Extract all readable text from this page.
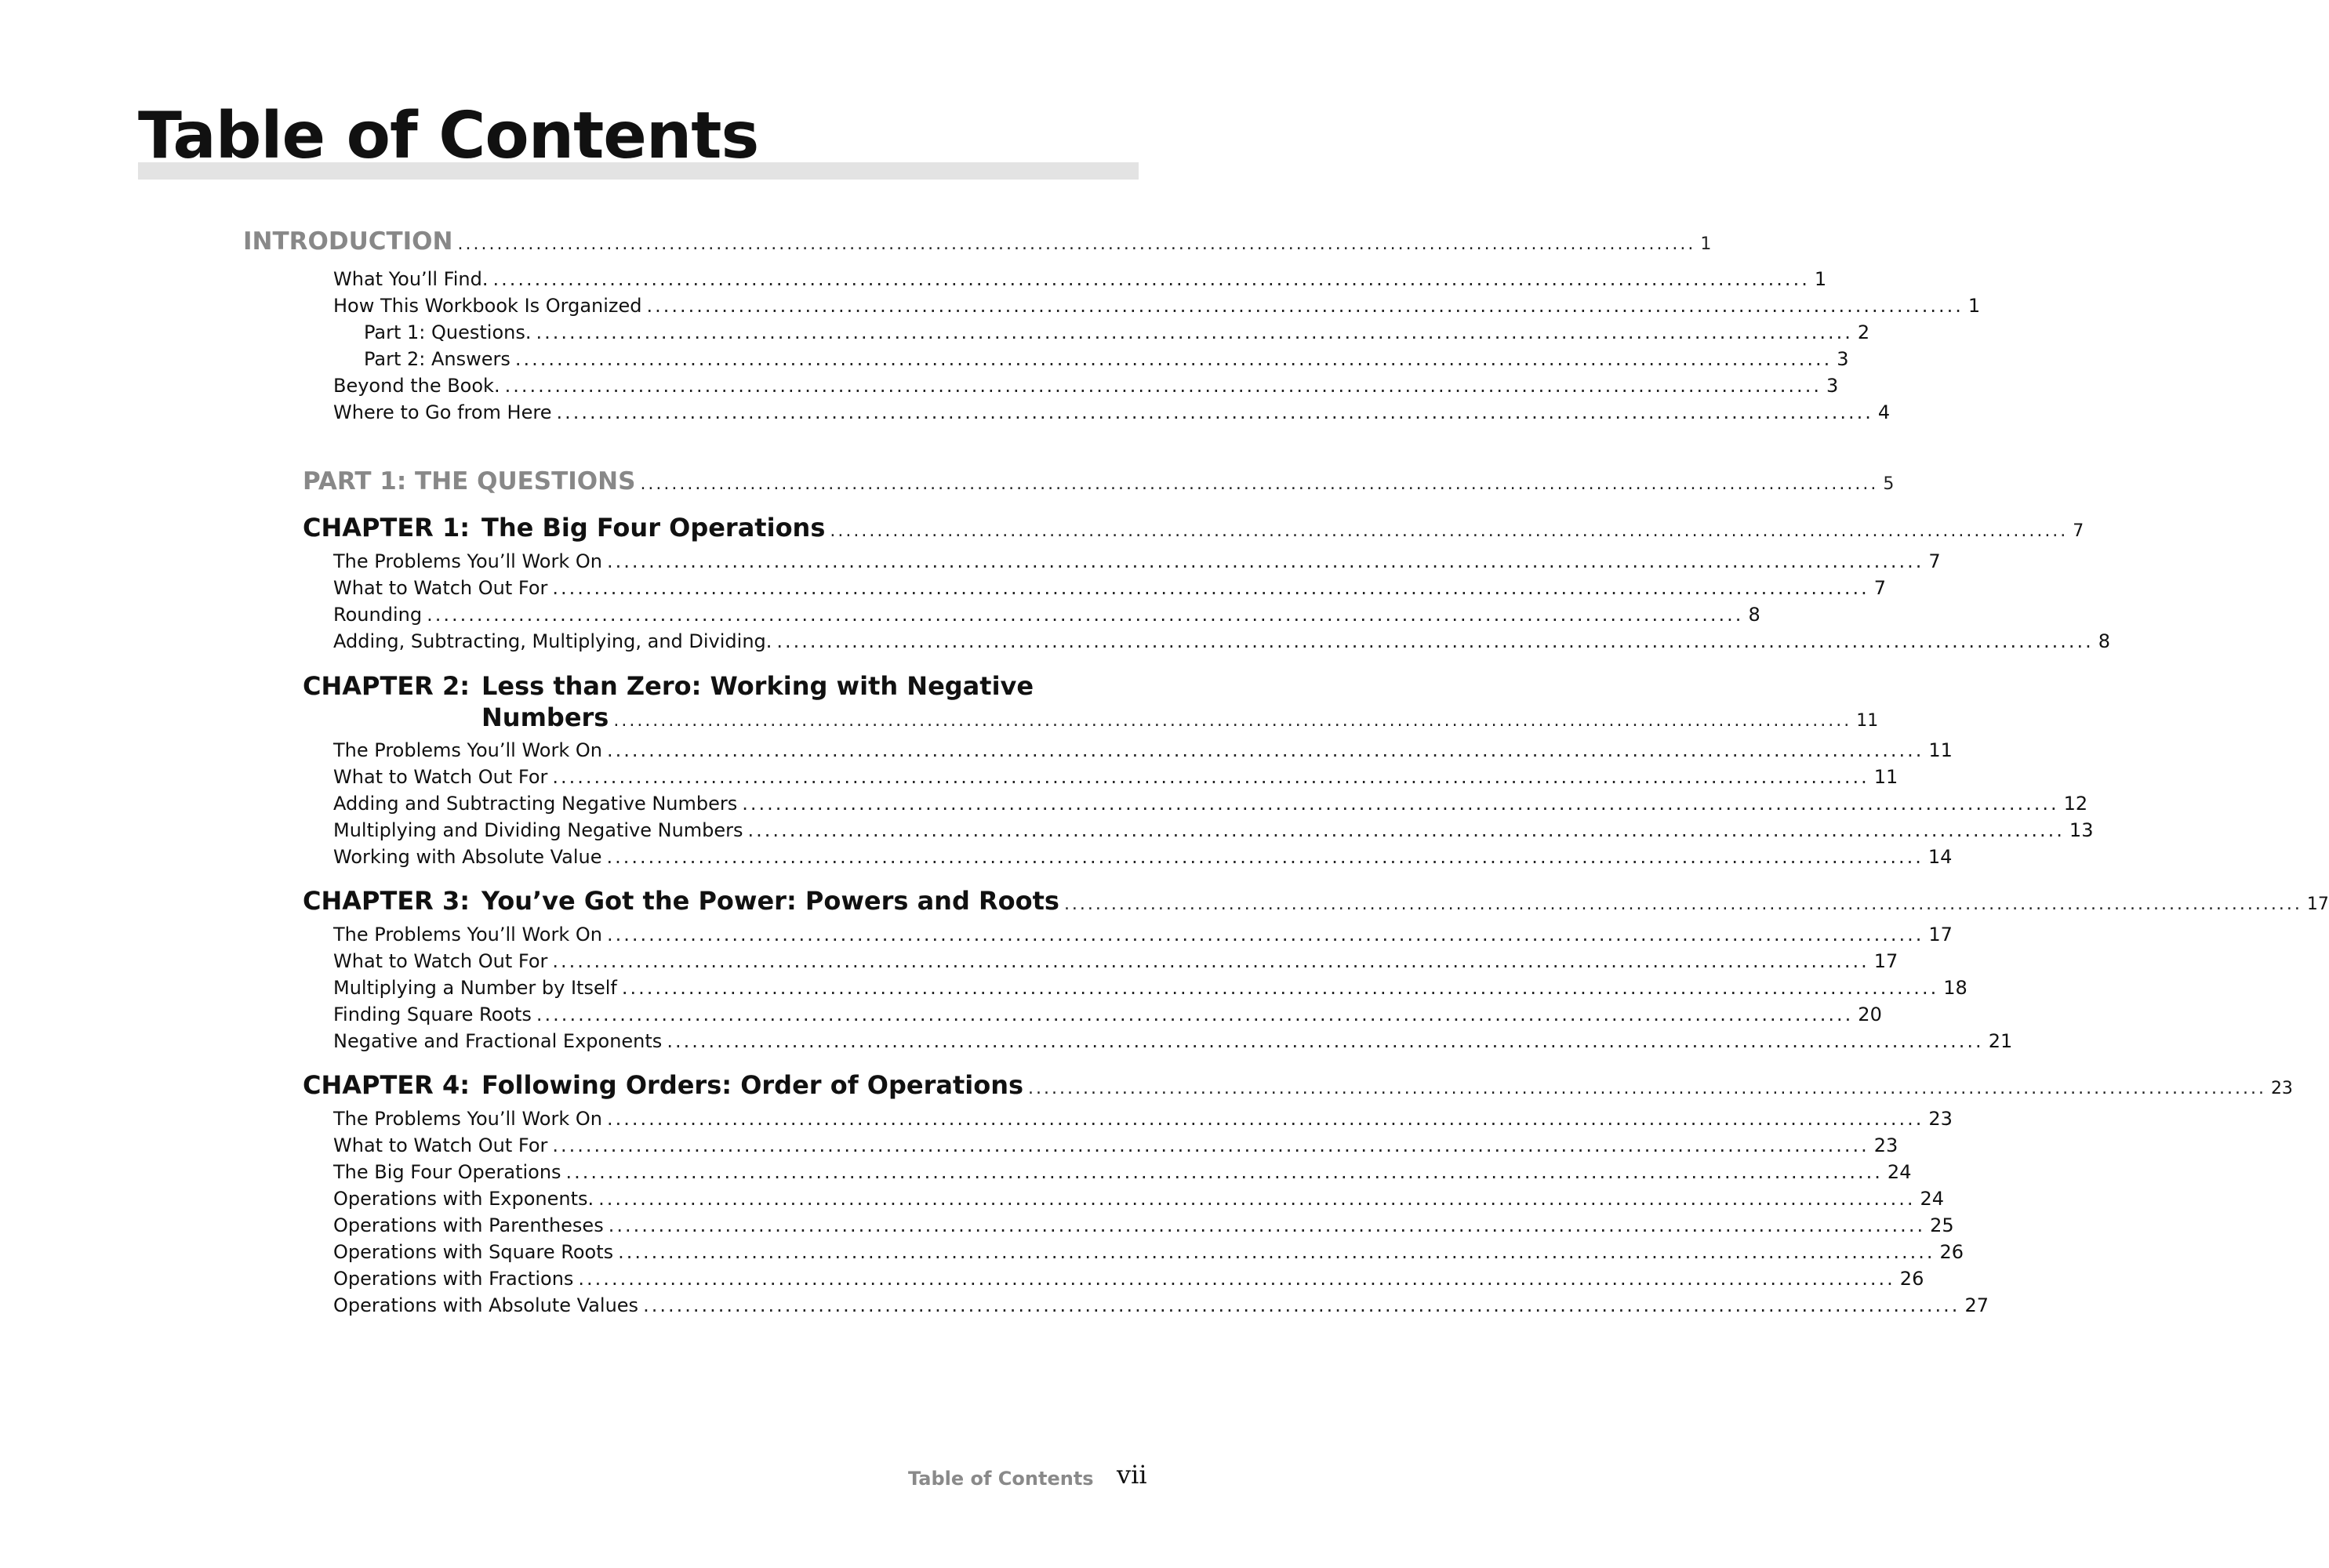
Table of Contents
INTRODUCTION .............................................................................................................................................................. 1
What You’ll Find. .............................................................................................................................................................. 1
How This Workbook Is Organized .............................................................................................................................................................. 1
Part 1: Questions. .............................................................................................................................................................. 2
Part 2: Answers .............................................................................................................................................................. 3
Beyond the Book. .............................................................................................................................................................. 3
Where to Go from Here .............................................................................................................................................................. 4
PART 1: THE QUESTIONS .............................................................................................................................................................. 5
CHAPTER 1: The Big Four Operations .............................................................................................................................................................. 7
The Problems You’ll Work On .............................................................................................................................................................. 7
What to Watch Out For .............................................................................................................................................................. 7
Rounding .............................................................................................................................................................. 8
Adding, Subtracting, Multiplying, and Dividing. .............................................................................................................................................................. 8
CHAPTER 2: Less than Zero: Working with Negative
Numbers .............................................................................................................................................................. 11
The Problems You’ll Work On .............................................................................................................................................................. 11
What to Watch Out For .............................................................................................................................................................. 11
Adding and Subtracting Negative Numbers .............................................................................................................................................................. 12
Multiplying and Dividing Negative Numbers .............................................................................................................................................................. 13
Working with Absolute Value .............................................................................................................................................................. 14
CHAPTER 3: You’ve Got the Power: Powers and Roots .............................................................................................................................................................. 17
The Problems You’ll Work On .............................................................................................................................................................. 17
What to Watch Out For .............................................................................................................................................................. 17
Multiplying a Number by Itself .............................................................................................................................................................. 18
Finding Square Roots .............................................................................................................................................................. 20
Negative and Fractional Exponents .............................................................................................................................................................. 21
CHAPTER 4: Following Orders: Order of Operations .............................................................................................................................................................. 23
The Problems You’ll Work On .............................................................................................................................................................. 23
What to Watch Out For .............................................................................................................................................................. 23
The Big Four Operations .............................................................................................................................................................. 24
Operations with Exponents. .............................................................................................................................................................. 24
Operations with Parentheses .............................................................................................................................................................. 25
Operations with Square Roots .............................................................................................................................................................. 26
Operations with Fractions .............................................................................................................................................................. 26
Operations with Absolute Values .............................................................................................................................................................. 27
Table of Contents vii
